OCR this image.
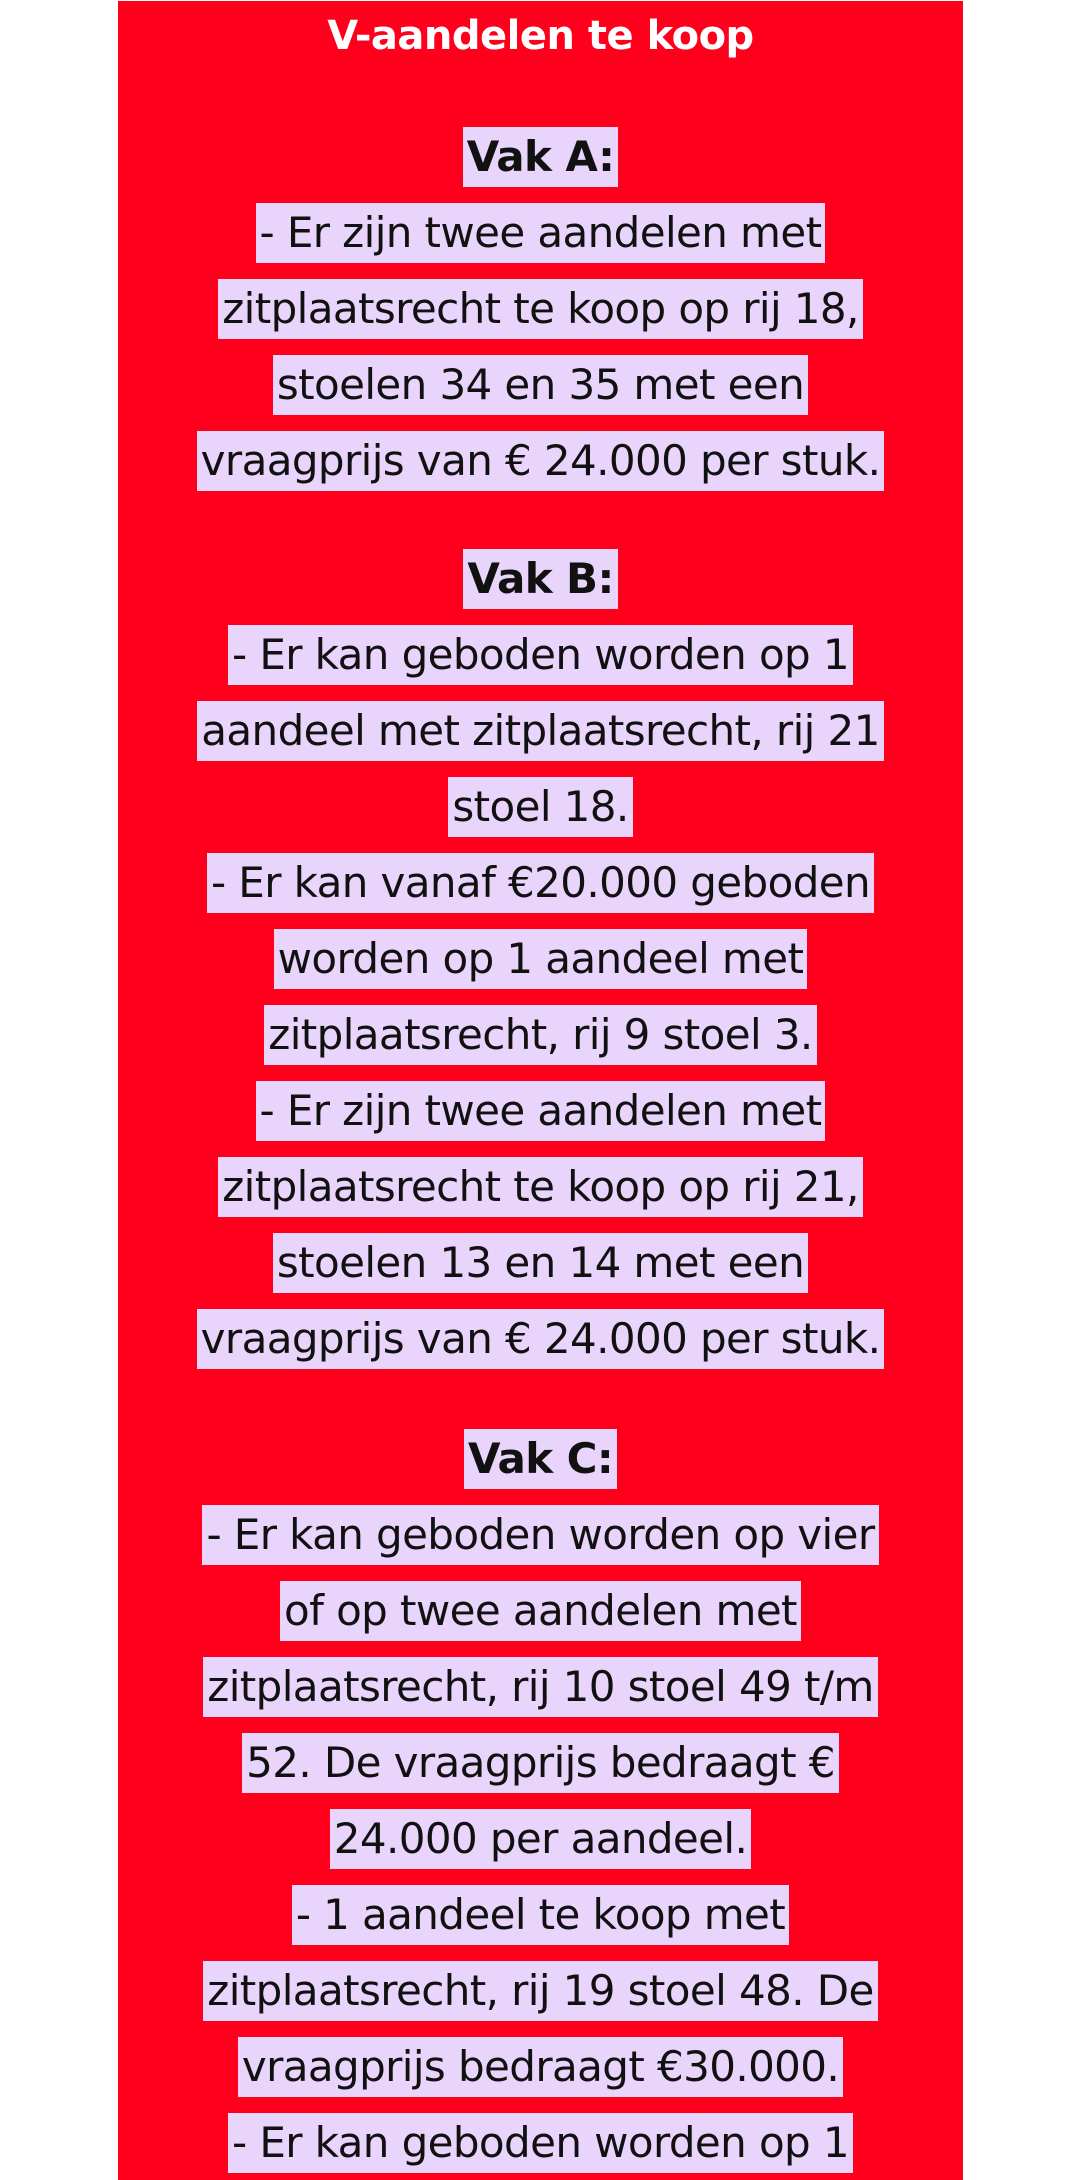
V-aandelen te koop
Vak A:
- Er zijn twee aandelen met
zitplaatsrecht te koop op rij 18,
stoelen 34 en 35 met een
vraagprijs van € 24.000 per stuk.
Vak B:
- Er kan geboden worden op 1
aandeel met zitplaatsrecht, rij 21
stoel 18.
- Er kan vanaf €20.000 geboden
worden op 1 aandeel met
zitplaatsrecht, rij 9 stoel 3.
- Er zijn twee aandelen met
zitplaatsrecht te koop op rij 21,
stoelen 13 en 14 met een
vraagprijs van € 24.000 per stuk.
Vak C:
- Er kan geboden worden op vier
of op twee aandelen met
zitplaatsrecht, rij 10 stoel 49 t/m
52. De vraagprijs bedraagt €
24.000 per aandeel.
- 1 aandeel te koop met
zitplaatsrecht, rij 19 stoel 48. De
vraagprijs bedraagt €30.000.
- Er kan geboden worden op 1
